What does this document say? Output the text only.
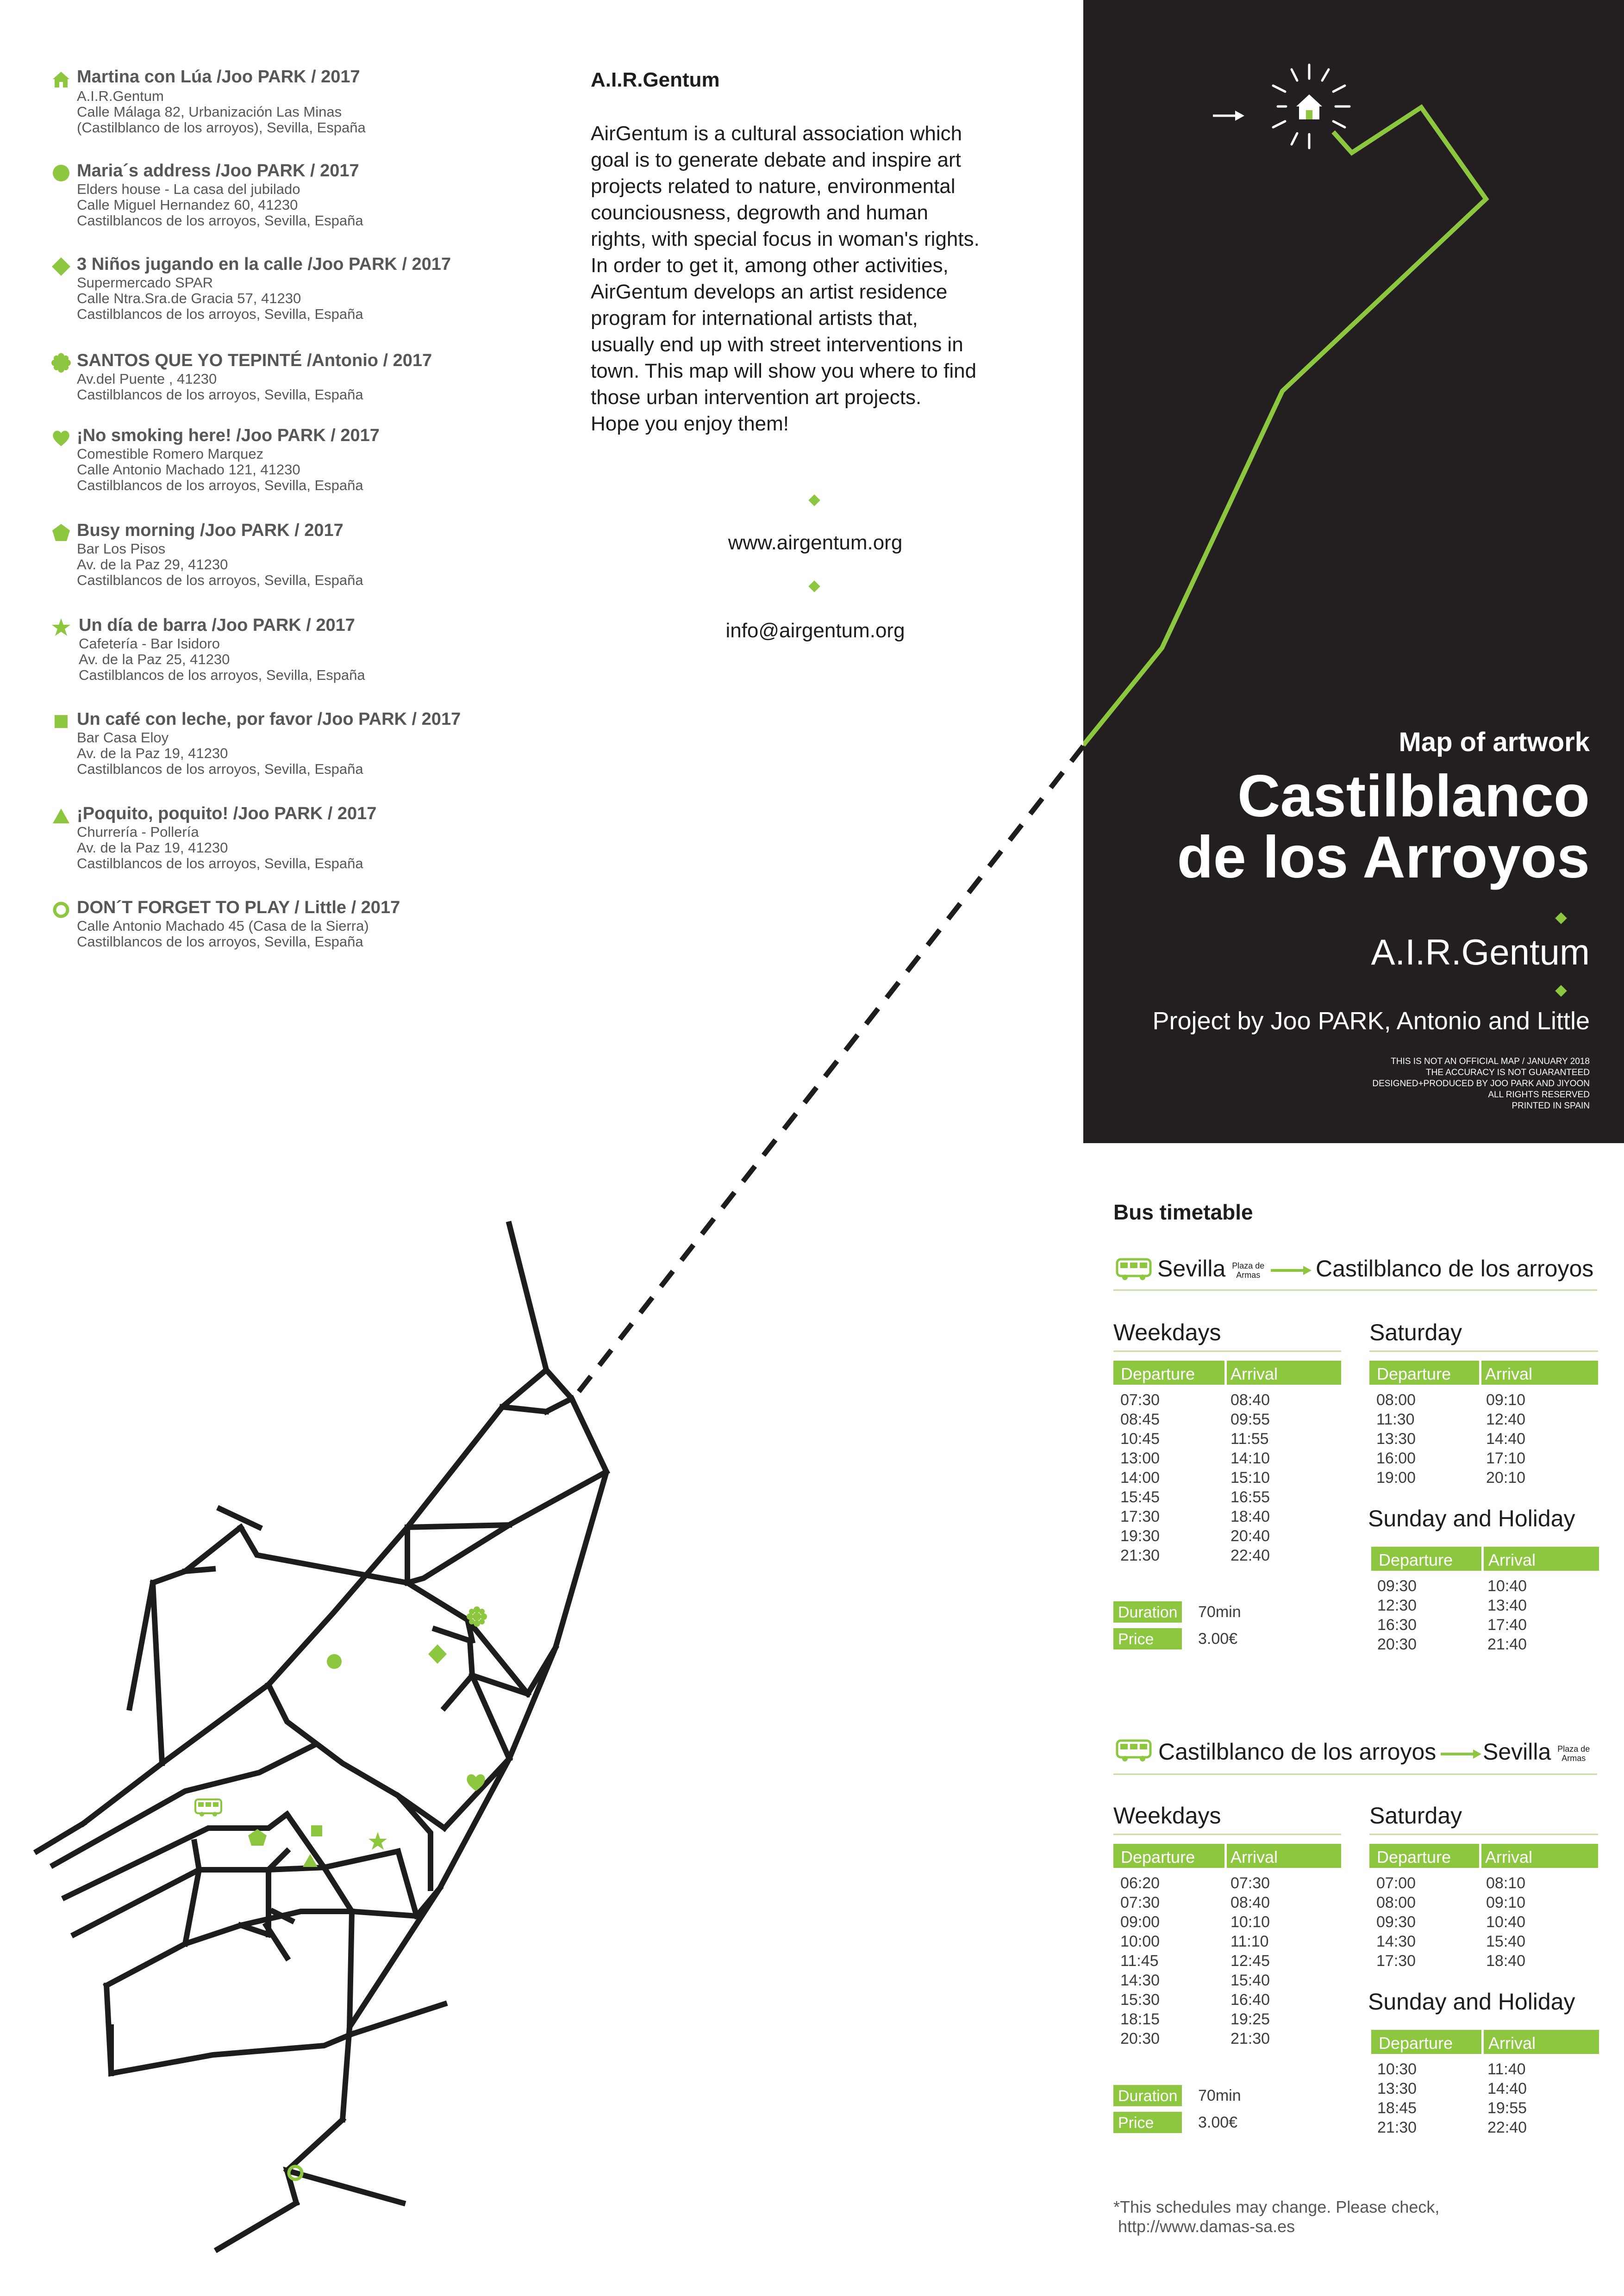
Martina con Lúa /Joo PARK / 2017
A.I.R.Gentum
Calle Málaga 82, Urbanización Las Minas
(Castilblanco de los arroyos), Sevilla, España
Maria´s address /Joo PARK / 2017
Elders house - La casa del jubilado
Calle Miguel Hernandez 60, 41230
Castilblancos de los arroyos, Sevilla, España
3 Niños jugando en la calle /Joo PARK / 2017
Supermercado SPAR
Calle Ntra.Sra.de Gracia 57, 41230
Castilblancos de los arroyos, Sevilla, España
SANTOS QUE YO TEPINTÉ /Antonio / 2017
Av.del Puente , 41230
Castilblancos de los arroyos, Sevilla, España
¡No smoking here! /Joo PARK / 2017
Comestible Romero Marquez
Calle Antonio Machado 121, 41230
Castilblancos de los arroyos, Sevilla, España
Busy morning /Joo PARK / 2017
Bar Los Pisos
Av. de la Paz 29, 41230
Castilblancos de los arroyos, Sevilla, España
Un día de barra /Joo PARK / 2017
Cafetería - Bar Isidoro
Av. de la Paz 25, 41230
Castilblancos de los arroyos, Sevilla, España
Un café con leche, por favor /Joo PARK / 2017
Bar Casa Eloy
Av. de la Paz 19, 41230
Castilblancos de los arroyos, Sevilla, España
¡Poquito, poquito! /Joo PARK / 2017
Churrería - Pollería
Av. de la Paz 19, 41230
Castilblancos de los arroyos, Sevilla, España
DON´T FORGET TO PLAY / Little / 2017
Calle Antonio Machado 45 (Casa de la Sierra)
Castilblancos de los arroyos, Sevilla, España
A.I.R.Gentum
AirGentum is a cultural association which
goal is to generate debate and inspire art
projects related to nature, environmental
counciousness, degrowth and human
rights, with special focus in woman's rights.
In order to get it, among other activities,
AirGentum develops an artist residence
program for international artists that,
usually end up with street interventions in
town. This map will show you where to find
those urban intervention art projects.
Hope you enjoy them!
www.airgentum.org
info@airgentum.org
Map of artwork
Castilblanco
de los Arroyos
A.I.R.Gentum
Project by Joo PARK, Antonio and Little
THIS IS NOT AN OFFICIAL MAP / JANUARY 2018
THE ACCURACY IS NOT GUARANTEED
DESIGNED+PRODUCED BY JOO PARK AND JIYOON
ALL RIGHTS RESERVED
PRINTED IN SPAIN
Bus timetable
Sevilla Plaza de
Armas Castilblanco de los arroyos
Weekdays
Departure Arrival
07:30
08:45
10:45
13:00
14:00
15:45
17:30
19:30
21:30
08:40
09:55
11:55
14:10
15:10
16:55
18:40
20:40
22:40
Duration 70min
Price	3.00€
Saturday
Departure Arrival
08:00
11:30
13:30
16:00
19:00
09:10
12:40
14:40
17:10
20:10
Sunday and Holiday
Departure Arrival
09:30
12:30
16:30
20:30
10:40
13:40
17:40
21:40
Castilblanco de los arroyos Sevilla Plaza de
Armas
Weekdays
Departure Arrival
06:20
07:30
09:00
10:00
11:45
14:30
15:30
18:15
20:30
07:30
08:40
10:10
11:10
12:45
15:40
16:40
19:25
21:30
Duration 70min
Price	3.00€
Saturday
Departure Arrival
07:00
08:00
09:30
14:30
17:30
08:10
09:10
10:40
15:40
18:40
Sunday and Holiday
Departure Arrival
10:30
13:30
18:45
21:30
11:40
14:40
19:55
22:40
*This schedules may change. Please check,
http://www.damas-sa.es
